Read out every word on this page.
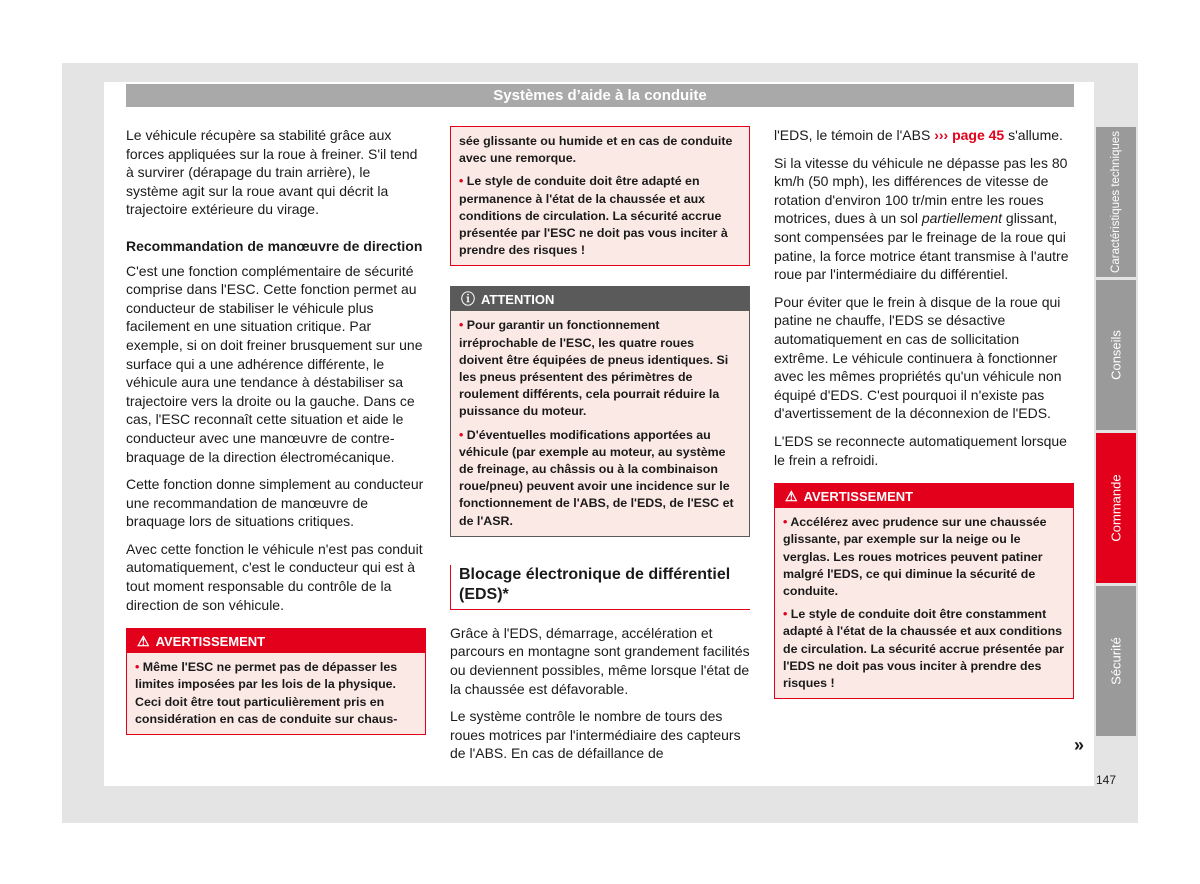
Systèmes d’aide à la conduite

Le véhicule récupère sa stabilité grâce aux forces appliquées sur la roue à freiner. S'il tend à survirer (dérapage du train arrière), le système agit sur la roue avant qui décrit la trajectoire extérieure du virage.

Recommandation de manœuvre de direction

C'est une fonction complémentaire de sécurité comprise dans l'ESC. Cette fonction permet au conducteur de stabiliser le véhicule plus facilement en une situation critique. Par exemple, si on doit freiner brusquement sur une surface qui a une adhérence différente, le véhicule aura une tendance à déstabiliser sa trajectoire vers la droite ou la gauche. Dans ce cas, l'ESC reconnaît cette situation et aide le conducteur avec une manœuvre de contre-braquage de la direction électromécanique.

Cette fonction donne simplement au conducteur une recommandation de manœuvre de braquage lors de situations critiques.

Avec cette fonction le véhicule n'est pas conduit automatiquement, c'est le conducteur qui est à tout moment responsable du contrôle de la direction de son véhicule.

⚠ AVERTISSEMENT

• Même l'ESC ne permet pas de dépasser les limites imposées par les lois de la physique. Ceci doit être tout particulièrement pris en considération en cas de conduite sur chaus-

sée glissante ou humide et en cas de conduite avec une remorque.

• Le style de conduite doit être adapté en permanence à l'état de la chaussée et aux conditions de circulation. La sécurité accrue présentée par l'ESC ne doit pas vous inciter à prendre des risques !

ⓘ ATTENTION

• Pour garantir un fonctionnement irréprochable de l'ESC, les quatre roues doivent être équipées de pneus identiques. Si les pneus présentent des périmètres de roulement différents, cela pourrait réduire la puissance du moteur.

• D'éventuelles modifications apportées au véhicule (par exemple au moteur, au système de freinage, au châssis ou à la combinaison roue/pneu) peuvent avoir une incidence sur le fonctionnement de l'ABS, de l'EDS, de l'ESC et de l'ASR.

Blocage électronique de différentiel (EDS)*

Grâce à l'EDS, démarrage, accélération et parcours en montagne sont grandement facilités ou deviennent possibles, même lorsque l'état de la chaussée est défavorable.

Le système contrôle le nombre de tours des roues motrices par l'intermédiaire des capteurs de l'ABS. En cas de défaillance de

l'EDS, le témoin de l'ABS ››› page 45 s'allume.

Si la vitesse du véhicule ne dépasse pas les 80 km/h (50 mph), les différences de vitesse de rotation d'environ 100 tr/min entre les roues motrices, dues à un sol partiellement glissant, sont compensées par le freinage de la roue qui patine, la force motrice étant transmise à l'autre roue par l'intermédiaire du différentiel.

Pour éviter que le frein à disque de la roue qui patine ne chauffe, l'EDS se désactive automatiquement en cas de sollicitation extrême. Le véhicule continuera à fonctionner avec les mêmes propriétés qu'un véhicule non équipé d'EDS. C'est pourquoi il n'existe pas d'avertissement de la déconnexion de l'EDS.

L'EDS se reconnecte automatiquement lorsque le frein a refroidi.

⚠ AVERTISSEMENT

• Accélérez avec prudence sur une chaussée glissante, par exemple sur la neige ou le verglas. Les roues motrices peuvent patiner malgré l'EDS, ce qui diminue la sécurité de conduite.

• Le style de conduite doit être constamment adapté à l'état de la chaussée et aux conditions de circulation. La sécurité accrue présentée par l'EDS ne doit pas vous inciter à prendre des risques !

»
Caractéristiques techniques
Conseils
Commande
Sécurité
147
